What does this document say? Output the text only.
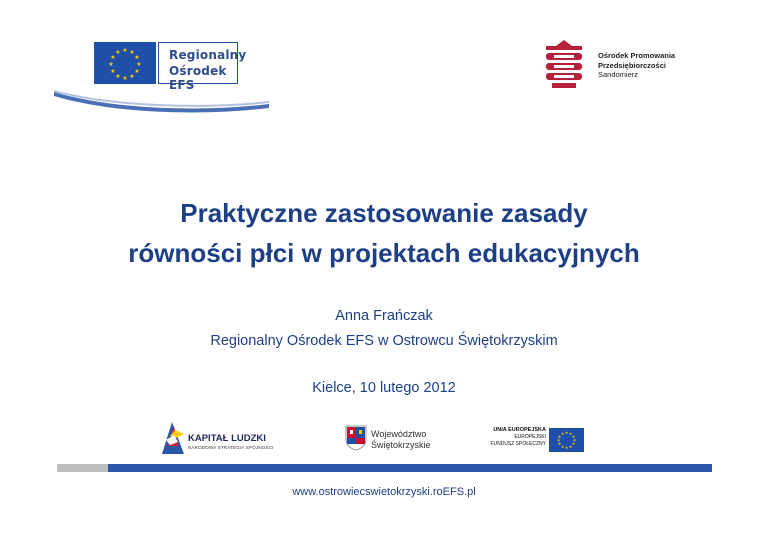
★ ★
★
★
★
★
★
★
★
★
★
★	Regionalny
Ośrodek EFS
Ośrodek Promowania
Przedsiębiorczości
Sandomierz
Praktyczne zastosowanie zasady
równości płci w projektach edukacyjnych
Anna Frańczak
Regionalny Ośrodek EFS w Ostrowcu Świętokrzyskim
Kielce, 10 lutego 2012
KAPITAŁ LUDZKI
NARODOWA STRATEGIA SPÓJNOŚCI
Województwo
Świętokrzyskie
UNIA EUROPEJSKA
EUROPEJSKI
FUNDUSZ SPOŁECZNY
★ ★
★
★
★
★
★
★
★
★
★
★
www.ostrowiecswietokrzyski.roEFS.pl
